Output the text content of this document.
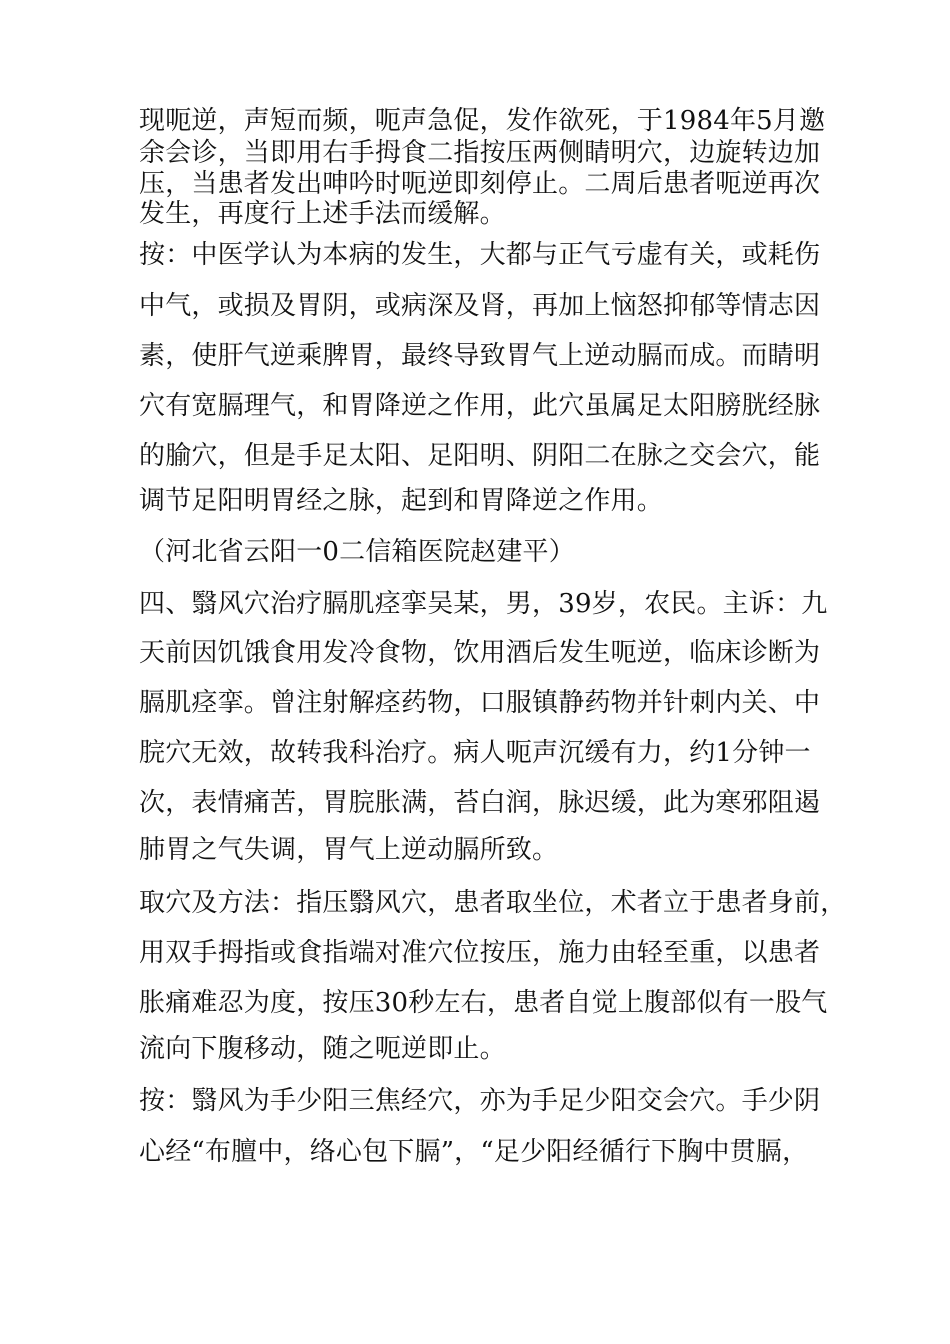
现呃逆，声短而频，呃声急促，发作欲死，于1984年5月邀
余会诊，当即用右手拇食二指按压两侧睛明穴，边旋转边加
压，当患者发出呻吟时呃逆即刻停止。二周后患者呃逆再次
发生，再度行上述手法而缓解。
按：中医学认为本病的发生，大都与正气亏虚有关，或耗伤
中气，或损及胃阴，或病深及肾，再加上恼怒抑郁等情志因
素，使肝气逆乘脾胃，最终导致胃气上逆动膈而成。而睛明
穴有宽膈理气，和胃降逆之作用，此穴虽属足太阳膀胱经脉
的腧穴，但是手足太阳、足阳明、阴阳二在脉之交会穴，能
调节足阳明胃经之脉，起到和胃降逆之作用。
（河北省云阳一0二信箱医院赵建平）
四、翳风穴治疗膈肌痉挛吴某，男，39岁，农民。主诉：九
天前因饥饿食用发冷食物，饮用酒后发生呃逆，临床诊断为
膈肌痉挛。曾注射解痉药物，口服镇静药物并针刺内关、中
脘穴无效，故转我科治疗。病人呃声沉缓有力，约1分钟一
次，表情痛苦，胃脘胀满，苔白润，脉迟缓，此为寒邪阻遏
肺胃之气失调，胃气上逆动膈所致。
取穴及方法：指压翳风穴，患者取坐位，术者立于患者身前，
用双手拇指或食指端对准穴位按压，施力由轻至重，以患者
胀痛难忍为度，按压30秒左右，患者自觉上腹部似有一股气
流向下腹移动，随之呃逆即止。
按：翳风为手少阳三焦经穴，亦为手足少阳交会穴。手少阴
心经“布膻中，络心包下膈”，“足少阳经循行下胸中贯膈，
